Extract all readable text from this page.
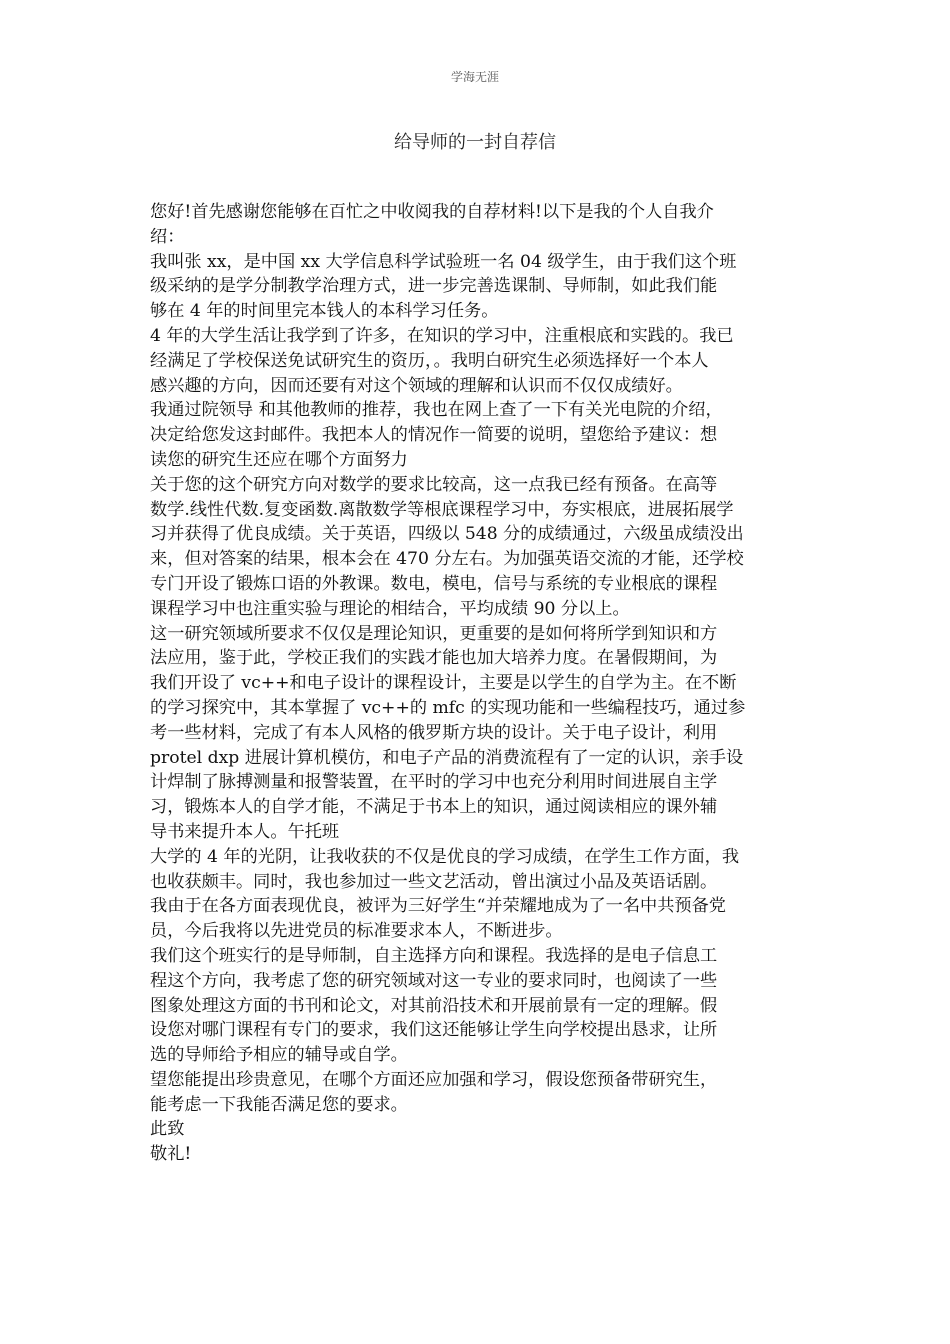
学海无涯
给导师的一封自荐信
您好!首先感谢您能够在百忙之中收阅我的自荐材料!以下是我的个人自我介
绍：
我叫张 xx，是中国 xx 大学信息科学试验班一名 04 级学生，由于我们这个班
级采纳的是学分制教学治理方式，进一步完善选课制、导师制，如此我们能
够在 4 年的时间里完本钱人的本科学习任务。
4 年的大学生活让我学到了许多，在知识的学习中，注重根底和实践的。我已
经满足了学校保送免试研究生的资历，。我明白研究生必须选择好一个本人
感兴趣的方向，因而还要有对这个领域的理解和认识而不仅仅成绩好。
我通过院领导 和其他教师的推荐，我也在网上查了一下有关光电院的介绍，
决定给您发这封邮件。我把本人的情况作一简要的说明，望您给予建议：想
读您的研究生还应在哪个方面努力
关于您的这个研究方向对数学的要求比较高，这一点我已经有预备。在高等
数学.线性代数.复变函数.离散数学等根底课程学习中，夯实根底，进展拓展学
习并获得了优良成绩。关于英语，四级以 548 分的成绩通过，六级虽成绩没出
来，但对答案的结果，根本会在 470 分左右。为加强英语交流的才能，还学校
专门开设了锻炼口语的外教课。数电，模电，信号与系统的专业根底的课程
课程学习中也注重实验与理论的相结合，平均成绩 90 分以上。
这一研究领域所要求不仅仅是理论知识，更重要的是如何将所学到知识和方
法应用，鉴于此，学校正我们的实践才能也加大培养力度。在暑假期间，为
我们开设了 vc++和电子设计的课程设计，主要是以学生的自学为主。在不断
的学习探究中，其本掌握了 vc++的 mfc 的实现功能和一些编程技巧，通过参
考一些材料，完成了有本人风格的俄罗斯方块的设计。关于电子设计，利用
protel dxp 进展计算机模仿，和电子产品的消费流程有了一定的认识，亲手设
计焊制了脉搏测量和报警装置，在平时的学习中也充分利用时间进展自主学
习，锻炼本人的自学才能，不满足于书本上的知识，通过阅读相应的课外辅
导书来提升本人。午托班
大学的 4 年的光阴，让我收获的不仅是优良的学习成绩，在学生工作方面，我
也收获颇丰。同时，我也参加过一些文艺活动，曾出演过小品及英语话剧。
我由于在各方面表现优良，被评为三好学生“并荣耀地成为了一名中共预备党
员，今后我将以先进党员的标准要求本人，不断进步。
我们这个班实行的是导师制，自主选择方向和课程。我选择的是电子信息工
程这个方向，我考虑了您的研究领域对这一专业的要求同时，也阅读了一些
图象处理这方面的书刊和论文，对其前沿技术和开展前景有一定的理解。假
设您对哪门课程有专门的要求，我们这还能够让学生向学校提出恳求，让所
选的导师给予相应的辅导或自学。
望您能提出珍贵意见，在哪个方面还应加强和学习，假设您预备带研究生，
能考虑一下我能否满足您的要求。
此致
敬礼!
